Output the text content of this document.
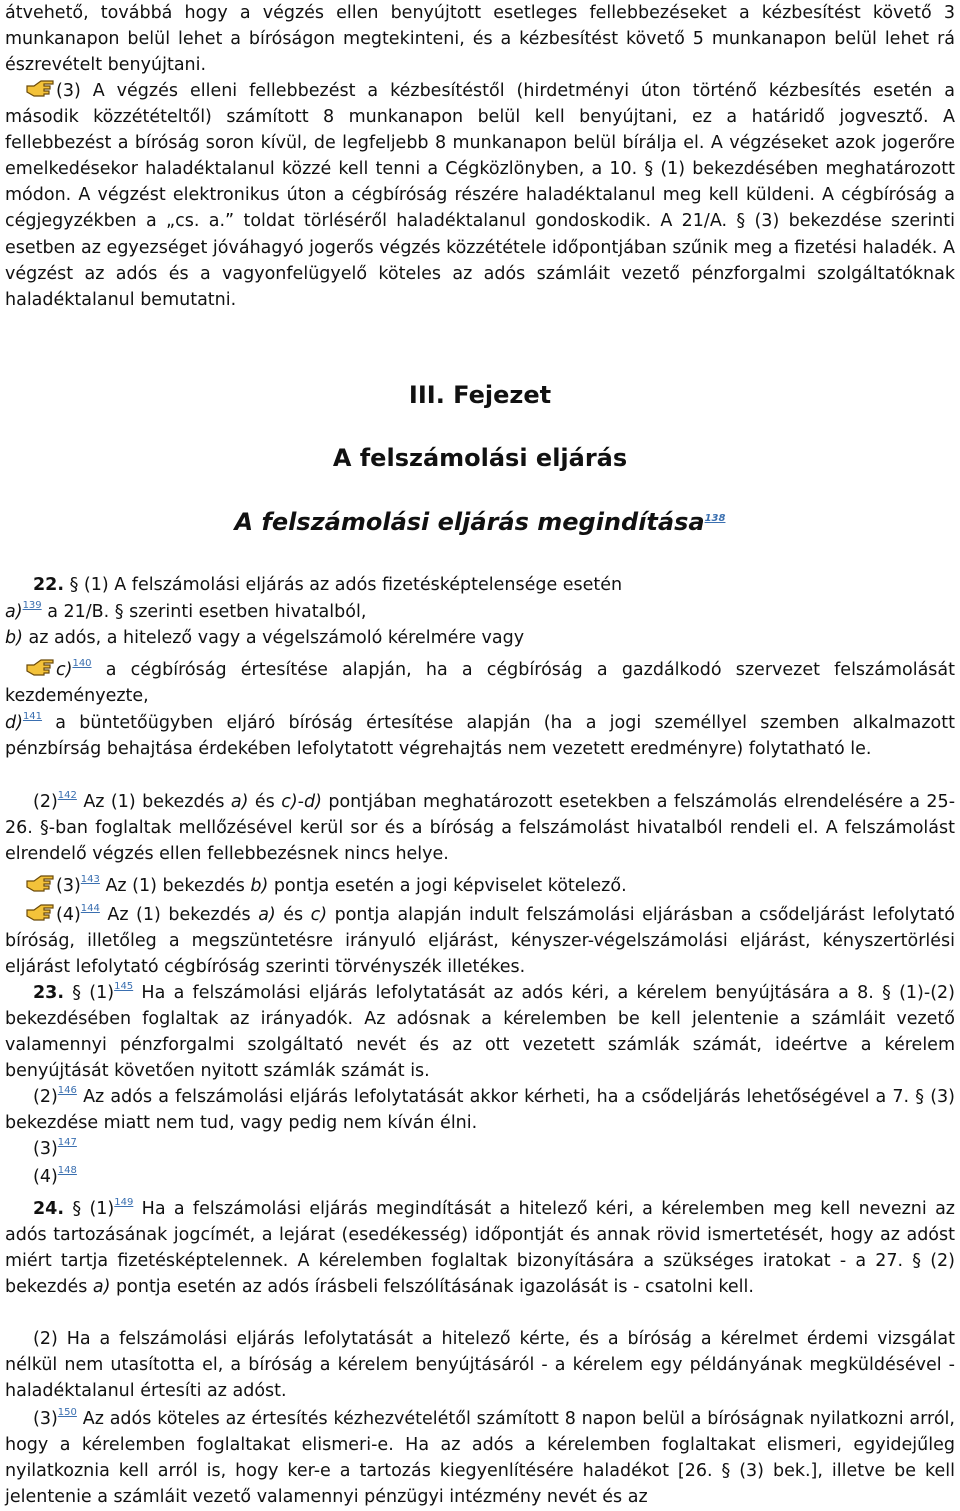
átvehető, továbbá hogy a végzés ellen benyújtott esetleges fellebbezéseket a kézbesítést követő 3 munkanapon belül lehet a bíróságon megtekinteni, és a kézbesítést követő 5 munkanapon belül lehet rá észrevételt benyújtani.

(3) A végzés elleni fellebbezést a kézbesítéstől (hirdetményi úton történő kézbesítés esetén a második közzétételtől) számított 8 munkanapon belül kell benyújtani, ez a határidő jogvesztő. A fellebbezést a bíróság soron kívül, de legfeljebb 8 munkanapon belül bírálja el. A végzéseket azok jogerőre emelkedésekor haladéktalanul közzé kell tenni a Cégközlönyben, a 10. § (1) bekezdésében meghatározott módon. A végzést elektronikus úton a cégbíróság részére haladéktalanul meg kell küldeni. A cégbíróság a cégjegyzékben a „cs. a.” toldat törléséről haladéktalanul gondoskodik. A 21/A. § (3) bekezdése szerinti esetben az egyezséget jóváhagyó jogerős végzés közzététele időpontjában szűnik meg a fizetési haladék. A végzést az adós és a vagyonfelügyelő köteles az adós számláit vezető pénzforgalmi szolgáltatóknak haladéktalanul bemutatni.

III. Fejezet
A felszámolási eljárás
A felszámolási eljárás megindítása$^{138}$

22. § (1) A felszámolási eljárás az adós fizetésképtelensége esetén

a)$^{139}$ a 21/B. § szerinti esetben hivatalból,

b) az adós, a hitelező vagy a végelszámoló kérelmére vagy

c)$^{140}$ a cégbíróság értesítése alapján, ha a cégbíróság a gazdálkodó szervezet felszámolását kezdeményezte,

d)$^{141}$ a büntetőügyben eljáró bíróság értesítése alapján (ha a jogi személlyel szemben alkalmazott pénzbírság behajtása érdekében lefolytatott végrehajtás nem vezetett eredményre) folytatható le.

$(2)^{142}$ Az (1) bekezdés a) és c)-d) pontjában meghatározott esetekben a felszámolás elrendelésére a 25-26. §-ban foglaltak mellőzésével kerül sor és a bíróság a felszámolást hivatalból rendeli el. A felszámolást elrendelő végzés ellen fellebbezésnek nincs helye.

$(3)^{143}$ Az (1) bekezdés b) pontja esetén a jogi képviselet kötelező.

$(4)^{144}$ Az (1) bekezdés a) és c) pontja alapján indult felszámolási eljárásban a csődeljárást lefolytató bíróság, illetőleg a megszüntetésre irányuló eljárást, kényszer-végelszámolási eljárást, kényszertörlési eljárást lefolytató cégbíróság szerinti törvényszék illetékes.

23. § $(1)^{145}$ Ha a felszámolási eljárás lefolytatását az adós kéri, a kérelem benyújtására a 8. § (1)-(2) bekezdésében foglaltak az irányadók. Az adósnak a kérelemben be kell jelentenie a számláit vezető valamennyi pénzforgalmi szolgáltató nevét és az ott vezetett számlák számát, ideértve a kérelem benyújtását követően nyitott számlák számát is.

$(2)^{146}$ Az adós a felszámolási eljárás lefolytatását akkor kérheti, ha a csődeljárás lehetőségével a 7. § (3) bekezdése miatt nem tud, vagy pedig nem kíván élni.

$(3)^{147}$

$(4)^{148}$

24. § $(1)^{149}$ Ha a felszámolási eljárás megindítását a hitelező kéri, a kérelemben meg kell nevezni az adós tartozásának jogcímét, a lejárat (esedékesség) időpontját és annak rövid ismertetését, hogy az adóst miért tartja fizetésképtelennek. A kérelemben foglaltak bizonyítására a szükséges iratokat - a 27. § (2) bekezdés a) pontja esetén az adós írásbeli felszólításának igazolását is - csatolni kell.

(2) Ha a felszámolási eljárás lefolytatását a hitelező kérte, és a bíróság a kérelmet érdemi vizsgálat nélkül nem utasította el, a bíróság a kérelem benyújtásáról - a kérelem egy példányának megküldésével - haladéktalanul értesíti az adóst.

$(3)^{150}$ Az adós köteles az értesítés kézhezvételétől számított 8 napon belül a bíróságnak nyilatkozni arról, hogy a kérelemben foglaltakat elismeri-e. Ha az adós a kérelemben foglaltakat elismeri, egyidejűleg nyilatkoznia kell arról is, hogy ker-e a tartozás kiegyenlítésére haladékot [26. § (3) bek.], illetve be kell jelentenie a számláit vezető valamennyi pénzügyi intézmény nevét és az
